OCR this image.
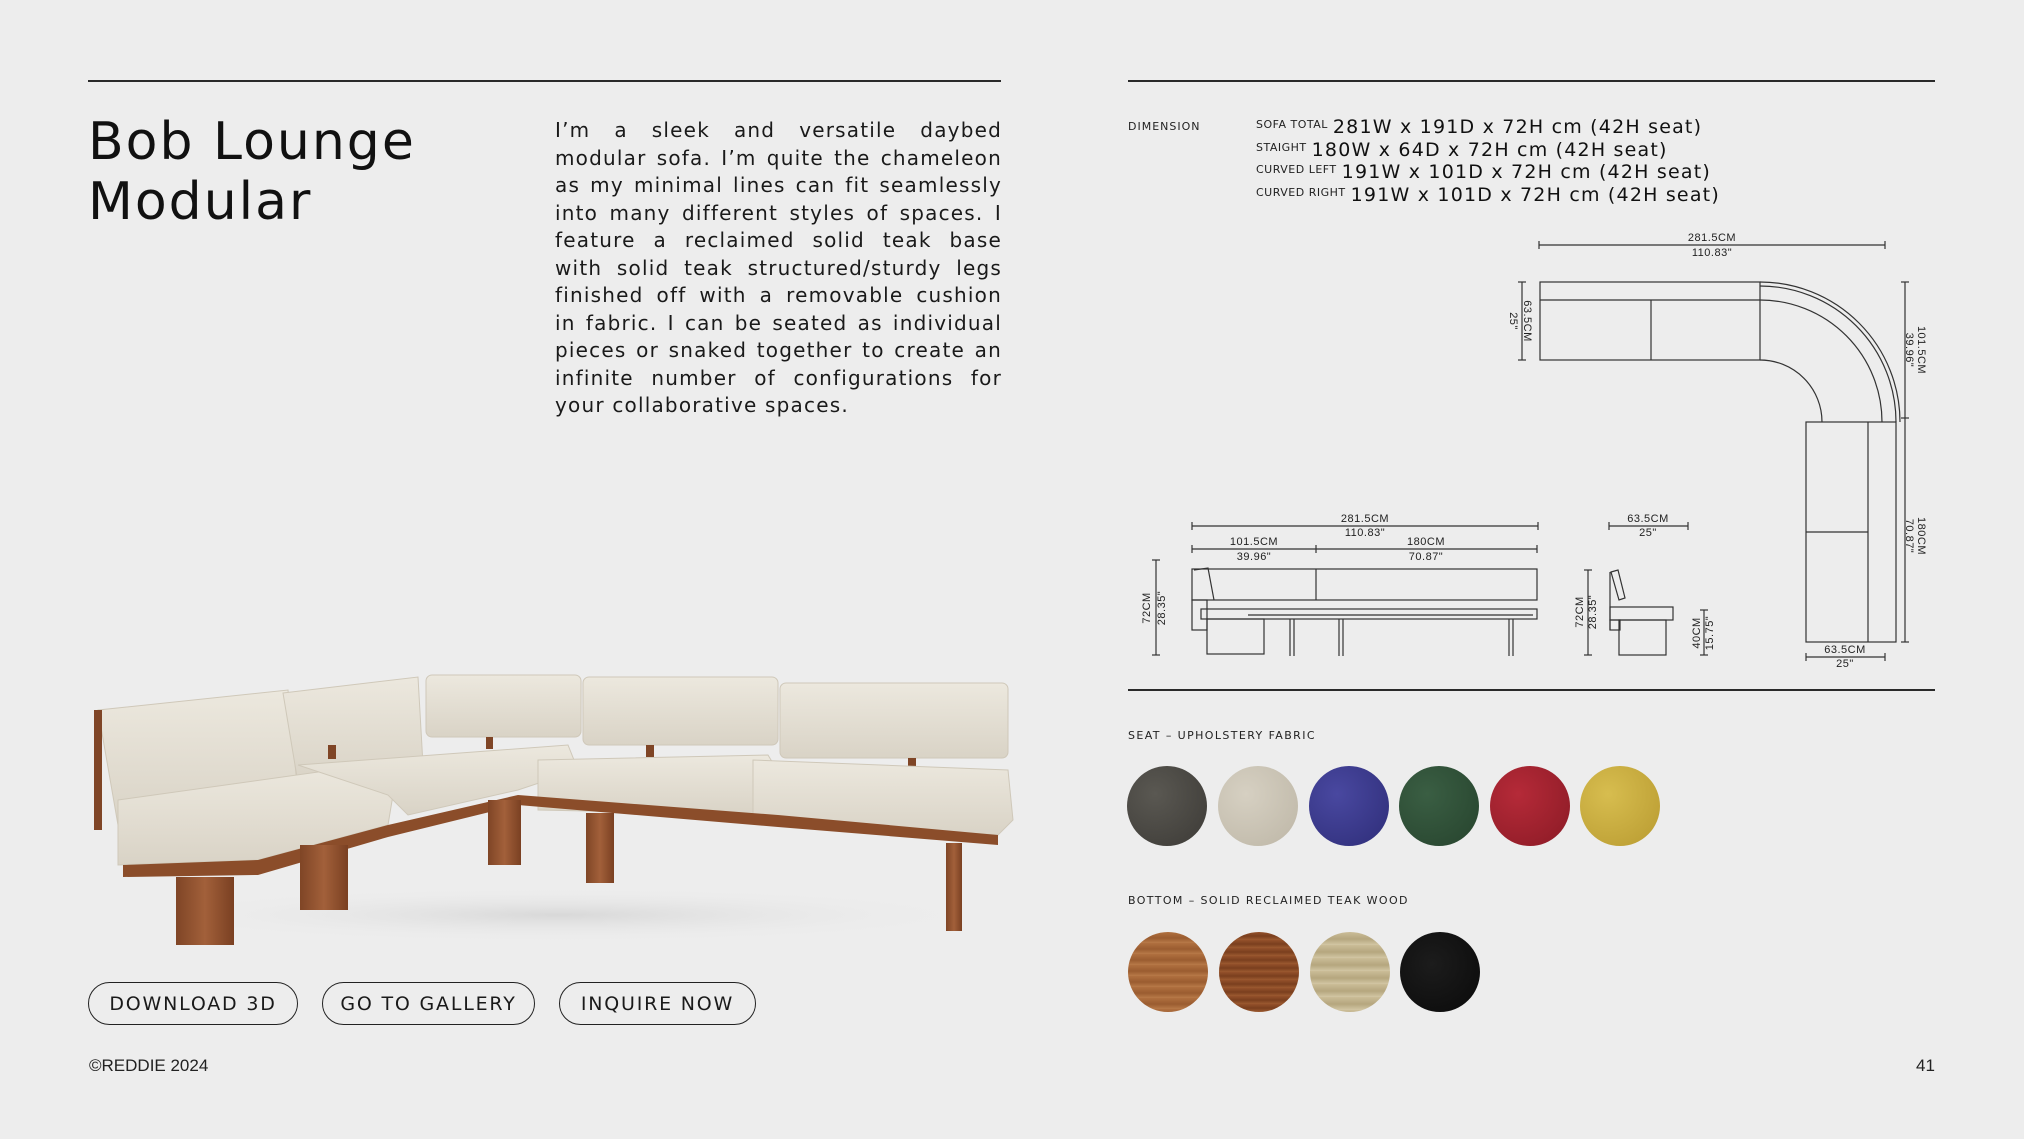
Bob Lounge
Modular
I’m a sleek and versatile daybed modular sofa. I’m quite the chameleon as my minimal lines can fit seamlessly into many different styles of spaces. I feature a reclaimed solid teak base with solid teak structured/sturdy legs finished off with a removable cushion in fabric. I can be seated as individual pieces or snaked together to create an infinite number of configurations for your collaborative spaces.
DOWNLOAD 3D	GO TO GALLERY	INQUIRE NOW
©REDDIE 2024	41
DIMENSION	SOFA TOTAL 281W x 191D x 72H cm (42H seat)
STAIGHT 180W x 64D x 72H cm (42H seat)
CURVED LEFT 191W x 101D x 72H cm (42H seat)
CURVED RIGHT 191W x 101D x 72H cm (42H seat)
281.5CM
110.83"
63.5CM
25"
101.5CM
39.96"
180CM
70.87"
63.5CM
25"
281.5CM
110.83"
101.5CM
39.96"
180CM
70.87"
72CM 28.35"
63.5CM
25"
72CM 28.35"
40CM 15.75"
SEAT – UPHOLSTERY FABRIC
BOTTOM – SOLID RECLAIMED TEAK WOOD
